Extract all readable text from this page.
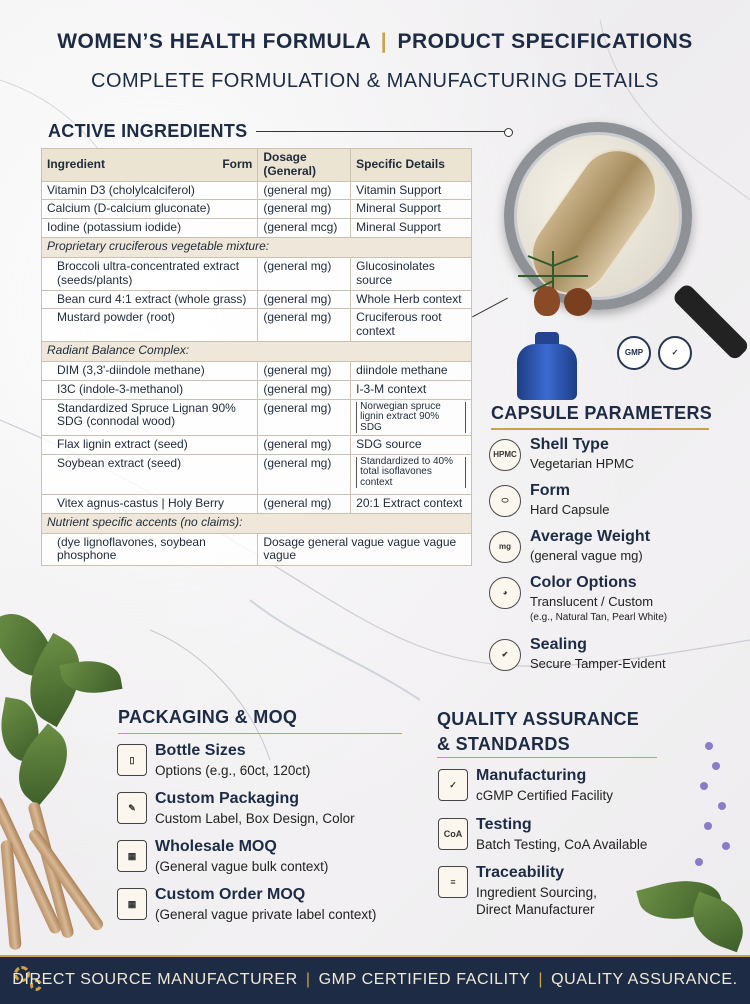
WOMEN’S HEALTH FORMULA | PRODUCT SPECIFICATIONS
COMPLETE FORMULATION & MANUFACTURING DETAILS
ACTIVE INGREDIENTS
Ingredient Form	Dosage (General)	Specific Details
Vitamin D3 (cholylcalciferol)	(general mg)	Vitamin Support
Calcium (D-calcium gluconate)	(general mg)	Mineral Support
Iodine (potassium iodide)	(general mcg)	Mineral Support
Proprietary cruciferous vegetable mixture:		
Broccoli ultra-concentrated extract (seeds/plants)	(general mg)	Glucosinolates source
Bean curd 4:1 extract (whole grass)	(general mg)	Whole Herb context
Mustard powder (root)	(general mg)	Cruciferous root context
Radiant Balance Complex:		
DIM (3,3'-diindole methane)	(general mg)	diindole methane
I3C (indole-3-methanol)	(general mg)	I-3-M context
Standardized Spruce Lignan 90% SDG (connodal wood)	(general mg)	Norwegian spruce lignin extract 90% SDG
Flax lignin extract (seed)	(general mg)	SDG source
Soybean extract (seed)	(general mg)	Standardized to 40% total isoflavones context
Vitex agnus-castus | Holy Berry	(general mg)	20:1 Extract context
Nutrient specific accents (no claims):		
(dye lignoflavones, soybean phosphone	Dosage general vague vague vague vague	
GMP	✓
CAPSULE PARAMETERS
HPMC
Shell Type
Vegetarian HPMC
⬭
Form
Hard Capsule
mg
Average Weight
(general vague mg)
◕
Color Options
Translucent / Custom
(e.g., Natural Tan, Pearl White)
✔
Sealing
Secure Tamper-Evident
PACKAGING & MOQ
▯
Bottle Sizes
Options (e.g., 60ct, 120ct)
✎
Custom Packaging
Custom Label, Box Design, Color
▦
Wholesale MOQ
(General vague bulk context)
▦
Custom Order MOQ
(General vague private label context)
QUALITY ASSURANCE
& STANDARDS
✓
Manufacturing
cGMP Certified Facility
CoA
Testing
Batch Testing, CoA Available
≡
Traceability
Ingredient Sourcing,
Direct Manufacturer
DIRECT SOURCE MANUFACTURER | GMP CERTIFIED FACILITY | QUALITY ASSURANCE.
